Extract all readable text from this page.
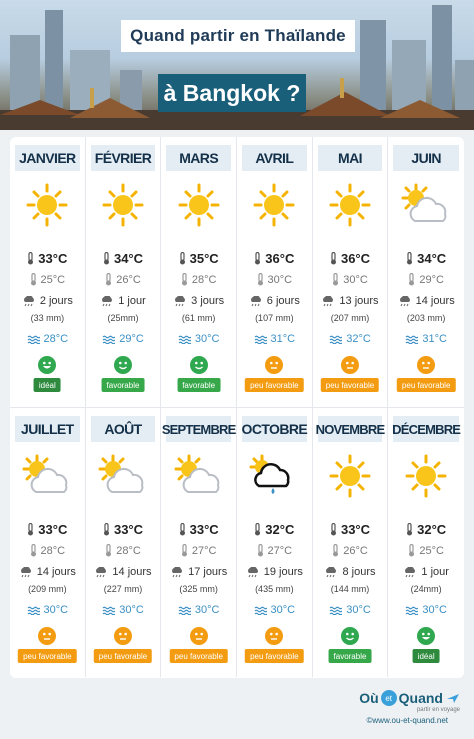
Quand partir en Thaïlande
à Bangkok ?
JANVIER
33°C
25°C
2 jours
(33 mm)
28°C
idéal
FÉVRIER
34°C
26°C
1 jour
(25mm)
29°C
favorable
MARS
35°C
28°C
3 jours
(61 mm)
30°C
favorable
AVRIL
36°C
30°C
6 jours
(107 mm)
31°C
peu favorable
MAI
36°C
30°C
13 jours
(207 mm)
32°C
peu favorable
JUIN
34°C
29°C
14 jours
(203 mm)
31°C
peu favorable
JUILLET
33°C
28°C
14 jours
(209 mm)
30°C
peu favorable
AOÛT
33°C
28°C
14 jours
(227 mm)
30°C
peu favorable
SEPTEMBRE
33°C
27°C
17 jours
(325 mm)
30°C
peu favorable
OCTOBRE
32°C
27°C
19 jours
(435 mm)
30°C
peu favorable
NOVEMBRE
33°C
26°C
8 jours
(144 mm)
30°C
favorable
DÉCEMBRE
32°C
25°C
1 jour
(24mm)
30°C
idéal
Où et Quand
partir en voyage
©www.ou-et-quand.net
